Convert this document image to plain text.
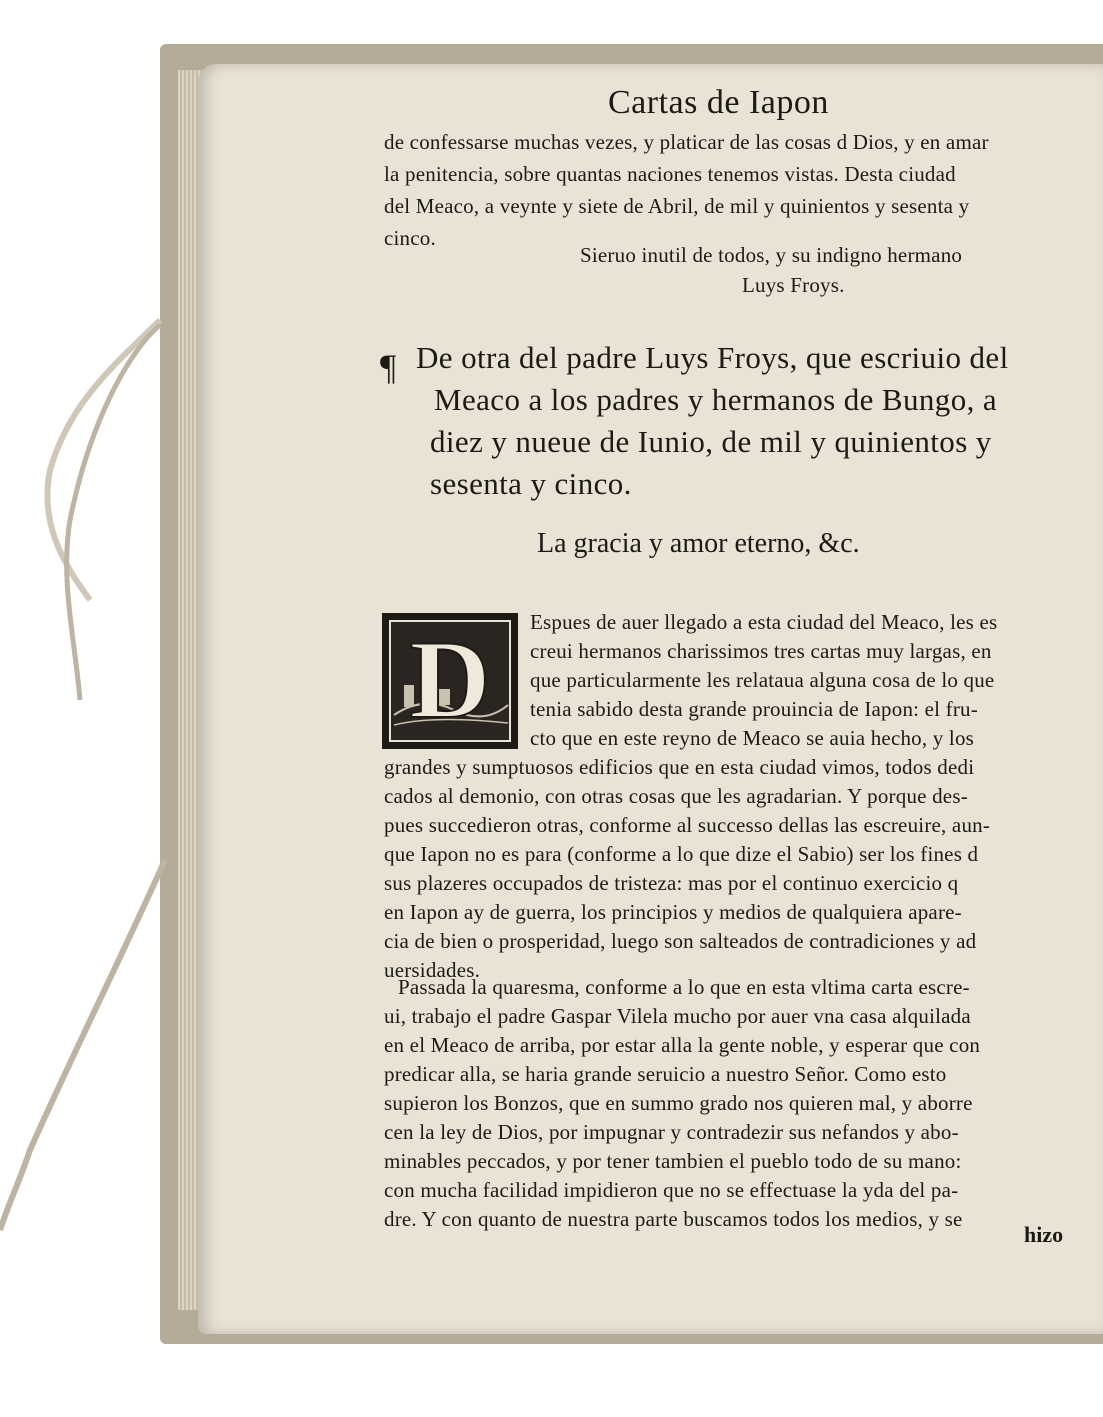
Cartas de Iapon
de confessarse muchas vezes, y platicar de las cosas d Dios, y en amar
la penitencia, sobre quantas naciones tenemos vistas. Desta ciudad
del Meaco, a veynte y siete de Abril, de mil y quinientos y sesenta y
cinco.
Sieruo inutil de todos, y su indigno hermano
Luys Froys.
¶ De otra del padre Luys Froys, que escriuio del
Meaco a los padres y hermanos de Bungo, a
diez y nueue de Iunio, de mil y quinientos y
sesenta y cinco.
La gracia y amor eterno, &c.
D Espues de auer llegado a esta ciudad del Meaco, les es
creui hermanos charissimos tres cartas muy largas, en
que particularmente les relataua alguna cosa de lo que
tenia sabido desta grande prouincia de Iapon: el fru-
cto que en este reyno de Meaco se auia hecho, y los
grandes y sumptuosos edificios que en esta ciudad vimos, todos dedi
cados al demonio, con otras cosas que les agradarian. Y porque des-
pues succedieron otras, conforme al successo dellas las escreuire, aun-
que Iapon no es para (conforme a lo que dize el Sabio) ser los fines d
sus plazeres occupados de tristeza: mas por el continuo exercicio q
en Iapon ay de guerra, los principios y medios de qualquiera apare-
cia de bien o prosperidad, luego son salteados de contradiciones y ad
uersidades.
Passada la quaresma, conforme a lo que en esta vltima carta escre-
ui, trabajo el padre Gaspar Vilela mucho por auer vna casa alquilada
en el Meaco de arriba, por estar alla la gente noble, y esperar que con
predicar alla, se haria grande seruicio a nuestro Señor. Como esto
supieron los Bonzos, que en summo grado nos quieren mal, y aborre
cen la ley de Dios, por impugnar y contradezir sus nefandos y abo-
minables peccados, y por tener tambien el pueblo todo de su mano:
con mucha facilidad impidieron que no se effectuase la yda del pa-
dre. Y con quanto de nuestra parte buscamos todos los medios, y se
hizo
